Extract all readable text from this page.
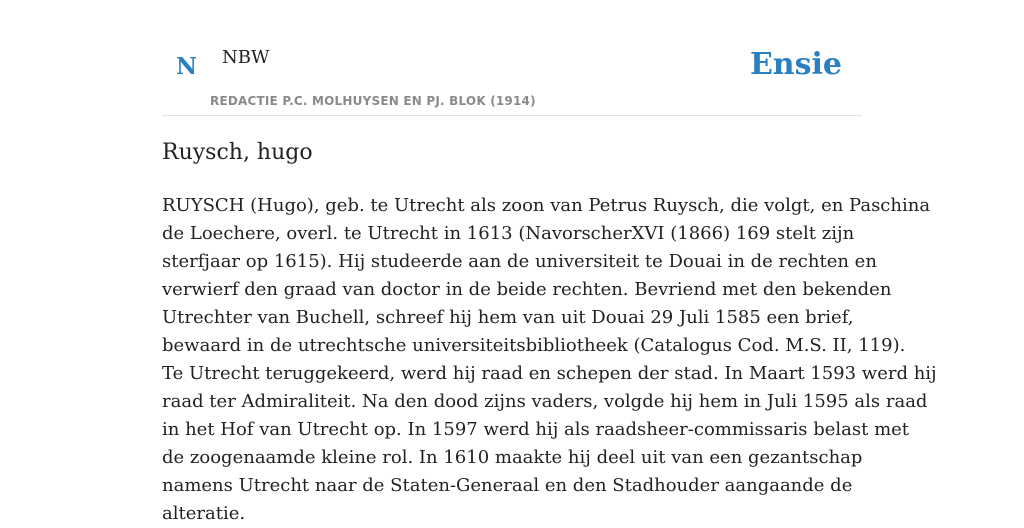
N NBW
REDACTIE P.C. MOLHUYSEN EN PJ. BLOK (1914)
Ensie
Ruysch, hugo
RUYSCH (Hugo), geb. te Utrecht als zoon van Petrus Ruysch, die volgt, en Paschina
de Loechere, overl. te Utrecht in 1613 (NavorscherXVI (1866) 169 stelt zijn
sterfjaar op 1615). Hij studeerde aan de universiteit te Douai in de rechten en
verwierf den graad van doctor in de beide rechten. Bevriend met den bekenden
Utrechter van Buchell, schreef hij hem van uit Douai 29 Juli 1585 een brief,
bewaard in de utrechtsche universiteitsbibliotheek (Catalogus Cod. M.S. II, 119).
Te Utrecht teruggekeerd, werd hij raad en schepen der stad. In Maart 1593 werd hij
raad ter Admiraliteit. Na den dood zijns vaders, volgde hij hem in Juli 1595 als raad
in het Hof van Utrecht op. In 1597 werd hij als raadsheer-commissaris belast met
de zoogenaamde kleine rol. In 1610 maakte hij deel uit van een gezantschap
namens Utrecht naar de Staten-Generaal en den Stadhouder aangaande de
alteratie.
